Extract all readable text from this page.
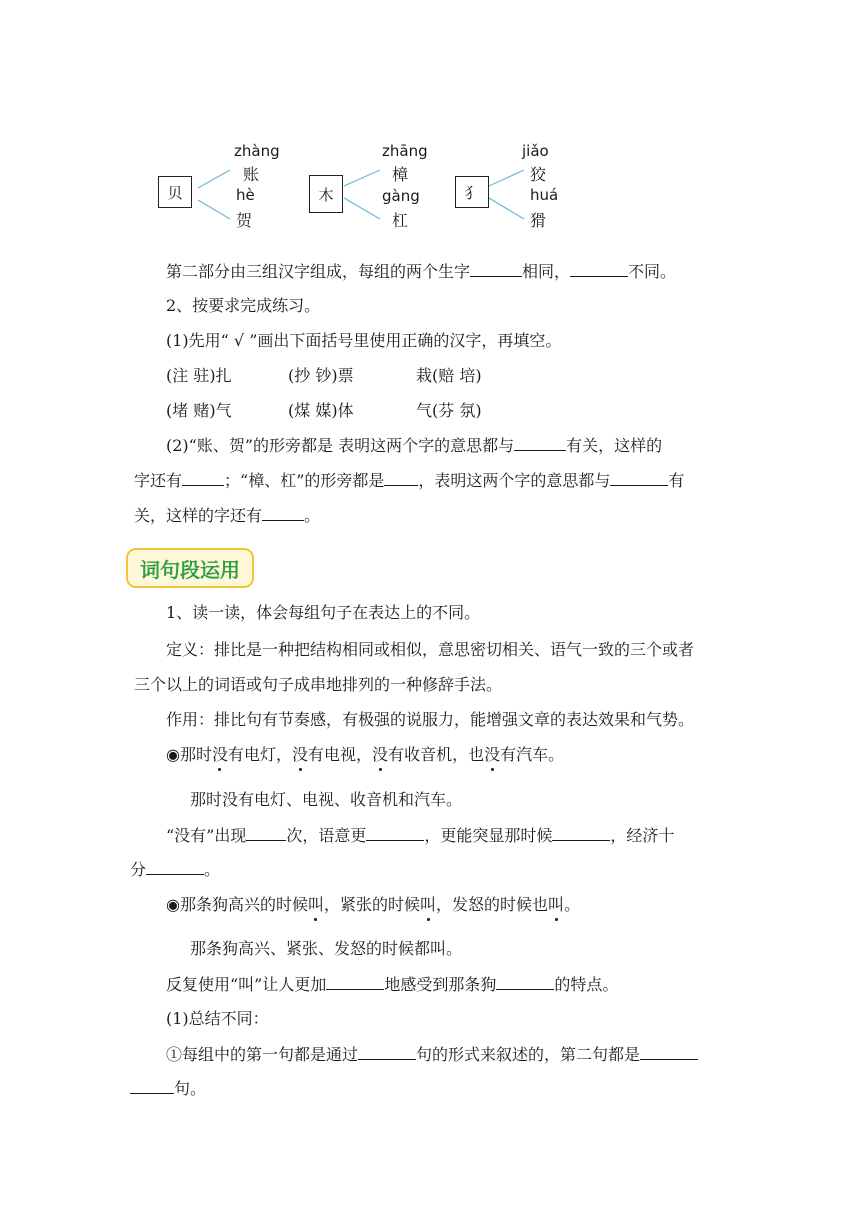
贝
zhàng
账
hè
贺
木
zhāng
樟
gàng
杠
犭
jiǎo
狡
huá
猾
第二部分由三组汉字组成，每组的两个生字	相同，	不同。
2、按要求完成练习。
(1)先用“ √ ”画出下面括号里使用正确的汉字，再填空。
(注 驻)扎	(抄 钞)票	栽(赔 培)
(堵 赌)气	(煤 媒)体	气(芬 氛)
(2)“账、贺”的形旁都是 表明这两个字的意思都与	有关，这样的
字还有	；“樟、杠”的形旁都是 ，表明这两个字的意思都与	有
关，这样的字还有	。
词句段运用
1、读一读，体会每组句子在表达上的不同。
定义：排比是一种把结构相同或相似，意思密切相关、语气一致的三个或者
三个以上的词语或句子成串地排列的一种修辞手法。
作用：排比句有节奏感，有极强的说服力，能增强文章的表达效果和气势。
◉那时没有电灯，没有电视，没有收音机，也没有汽车。
那时没有电灯、电视、收音机和汽车。
“没有”出现	次，语意更	，更能突显那时候	，经济十
分	。
◉那条狗高兴的时候叫，紧张的时候叫，发怒的时候也叫。
那条狗高兴、紧张、发怒的时候都叫。
反复使用“叫”让人更加	地感受到那条狗	的特点。
(1)总结不同：
①每组中的第一句都是通过	句的形式来叙述的，第二句都是
句。
